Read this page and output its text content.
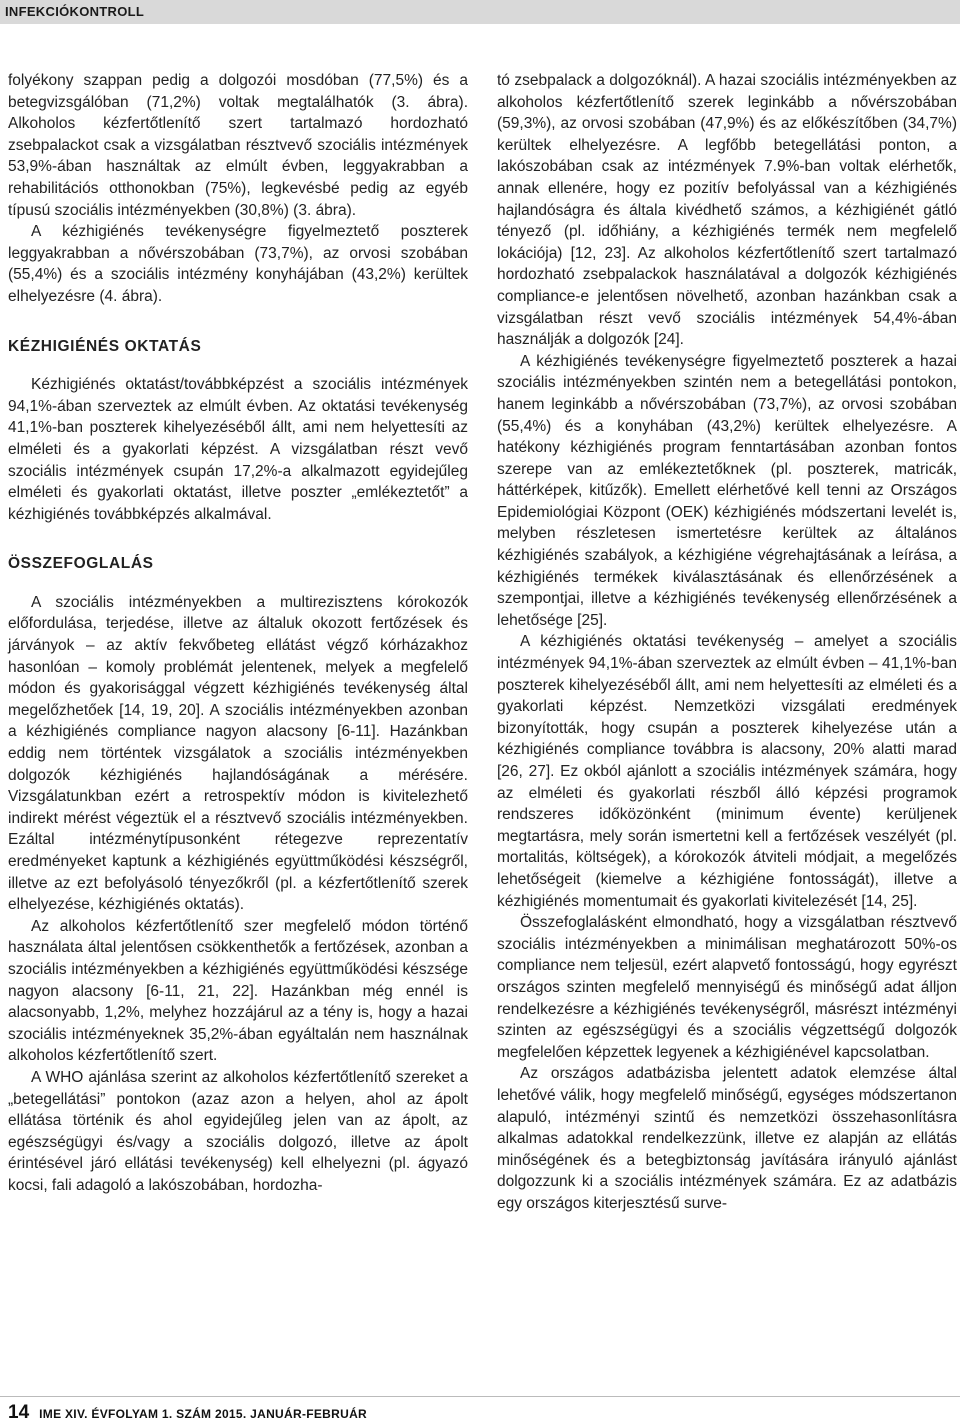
INFEKCIÓKONTROLL

folyékony szappan pedig a dolgozói mosdóban (77,5%) és a betegvizsgálóban (71,2%) voltak megtalálhatók (3. ábra). Alkoholos kézfertőtlenítő szert tartalmazó hordozható zsebpalackot csak a vizsgálatban résztvevő szociális intézmények 53,9%-ában használtak az elmúlt évben, leggyakrabban a rehabilitációs otthonokban (75%), legkevésbé pedig az egyéb típusú szociális intézményekben (30,8%) (3. ábra).

A kézhigiénés tevékenységre figyelmeztető poszterek leggyakrabban a nővérszobában (73,7%), az orvosi szobában (55,4%) és a szociális intézmény konyhájában (43,2%) kerültek elhelyezésre (4. ábra).

KÉZHIGIÉNÉS OKTATÁS

Kézhigiénés oktatást/továbbképzést a szociális intézmények 94,1%-ában szerveztek az elmúlt évben. Az oktatási tevékenység 41,1%-ban poszterek kihelyezéséből állt, ami nem helyettesíti az elméleti és a gyakorlati képzést. A vizsgálatban részt vevő szociális intézmények csupán 17,2%-a alkalmazott egyidejűleg elméleti és gyakorlati oktatást, illetve poszter „emlékeztetőt” a kézhigiénés továbbképzés alkalmával.

ÖSSZEFOGLALÁS

A szociális intézményekben a multirezisztens kórokozók előfordulása, terjedése, illetve az általuk okozott fertőzések és járványok – az aktív fekvőbeteg ellátást végző kórházakhoz hasonlóan – komoly problémát jelentenek, melyek a megfelelő módon és gyakorisággal végzett kézhigiénés tevékenység által megelőzhetőek [14, 19, 20]. A szociális intézményekben azonban a kézhigiénés compliance nagyon alacsony [6-11]. Hazánkban eddig nem történtek vizsgálatok a szociális intézményekben dolgozók kézhigiénés hajlandóságának a mérésére. Vizsgálatunkban ezért a retrospektív módon is kivitelezhető indirekt mérést végeztük el a résztvevő szociális intézményekben. Ezáltal intézménytípusonként rétegezve reprezentatív eredményeket kaptunk a kézhigiénés együttműködési készségről, illetve az ezt befolyásoló tényezőkről (pl. a kézfertőtlenítő szerek elhelyezése, kézhigiénés oktatás).

Az alkoholos kézfertőtlenítő szer megfelelő módon történő használata által jelentősen csökkenthetők a fertőzések, azonban a szociális intézményekben a kézhigiénés együttműködési készsége nagyon alacsony [6-11, 21, 22]. Hazánkban még ennél is alacsonyabb, 1,2%, melyhez hozzájárul az a tény is, hogy a hazai szociális intézményeknek 35,2%-ában egyáltalán nem használnak alkoholos kézfertőtlenítő szert.

A WHO ajánlása szerint az alkoholos kézfertőtlenítő szereket a „betegellátási” pontokon (azaz azon a helyen, ahol az ápolt ellátása történik és ahol egyidejűleg jelen van az ápolt, az egészségügyi és/vagy a szociális dolgozó, illetve az ápolt érintésével járó ellátási tevékenység) kell elhelyezni (pl. ágyazó kocsi, fali adagoló a lakószobában, hordozha-

tó zsebpalack a dolgozóknál). A hazai szociális intézményekben az alkoholos kézfertőtlenítő szerek leginkább a nővérszobában (59,3%), az orvosi szobában (47,9%) és az előkészítőben (34,7%) kerültek elhelyezésre. A legfőbb betegellátási ponton, a lakószobában csak az intézmények 7.9%-ban voltak elérhetők, annak ellenére, hogy ez pozitív befolyással van a kézhigiénés hajlandóságra és általa kivédhető számos, a kézhigiénét gátló tényező (pl. időhiány, a kézhigiénés termék nem megfelelő lokációja) [12, 23]. Az alkoholos kézfertőtlenítő szert tartalmazó hordozható zsebpalackok használatával a dolgozók kézhigiénés compliance-e jelentősen növelhető, azonban hazánkban csak a vizsgálatban részt vevő szociális intézmények 54,4%-ában használják a dolgozók [24].

A kézhigiénés tevékenységre figyelmeztető poszterek a hazai szociális intézményekben szintén nem a betegellátási pontokon, hanem leginkább a nővérszobában (73,7%), az orvosi szobában (55,4%) és a konyhában (43,2%) kerültek elhelyezésre. A hatékony kézhigiénés program fenntartásában azonban fontos szerepe van az emlékeztetőknek (pl. poszterek, matricák, háttérképek, kitűzők). Emellett elérhetővé kell tenni az Országos Epidemiológiai Központ (OEK) kézhigiénés módszertani levelét is, melyben részletesen ismertetésre kerültek az általános kézhigiénés szabályok, a kézhigiéne végrehajtásának a leírása, a kézhigiénés termékek kiválasztásának és ellenőrzésének a szempontjai, illetve a kézhigiénés tevékenység ellenőrzésének a lehetősége [25].

A kézhigiénés oktatási tevékenység – amelyet a szociális intézmények 94,1%-ában szerveztek az elmúlt évben – 41,1%-ban poszterek kihelyezéséből állt, ami nem helyettesíti az elméleti és a gyakorlati képzést. Nemzetközi vizsgálati eredmények bizonyították, hogy csupán a poszterek kihelyezése után a kézhigiénés compliance továbbra is alacsony, 20% alatti marad [26, 27]. Ez okból ajánlott a szociális intézmények számára, hogy az elméleti és gyakorlati részből álló képzési programok rendszeres időközönként (minimum évente) kerüljenek megtartásra, mely során ismertetni kell a fertőzések veszélyét (pl. mortalitás, költségek), a kórokozók átviteli módjait, a megelőzés lehetőségeit (kiemelve a kézhigiéne fontosságát), illetve a kézhigiénés momentumait és gyakorlati kivitelezését [14, 25].

Összefoglalásként elmondható, hogy a vizsgálatban résztvevő szociális intézményekben a minimálisan meghatározott 50%-os compliance nem teljesül, ezért alapvető fontosságú, hogy egyrészt országos szinten megfelelő mennyiségű és minőségű adat álljon rendelkezésre a kézhigiénés tevékenységről, másrészt intézményi szinten az egészségügyi és a szociális végzettségű dolgozók megfelelően képzettek legyenek a kézhigiénével kapcsolatban.

Az országos adatbázisba jelentett adatok elemzése által lehetővé válik, hogy megfelelő minőségű, egységes módszertanon alapuló, intézményi szintű és nemzetközi összehasonlításra alkalmas adatokkal rendelkezzünk, illetve ez alapján az ellátás minőségének és a betegbiztonság javítására irányuló ajánlást dolgozzunk ki a szociális intézmények számára. Ez az adatbázis egy országos kiterjesztésű surve-

14 IME XIV. ÉVFOLYAM 1. SZÁM 2015. JANUÁR-FEBRUÁR
